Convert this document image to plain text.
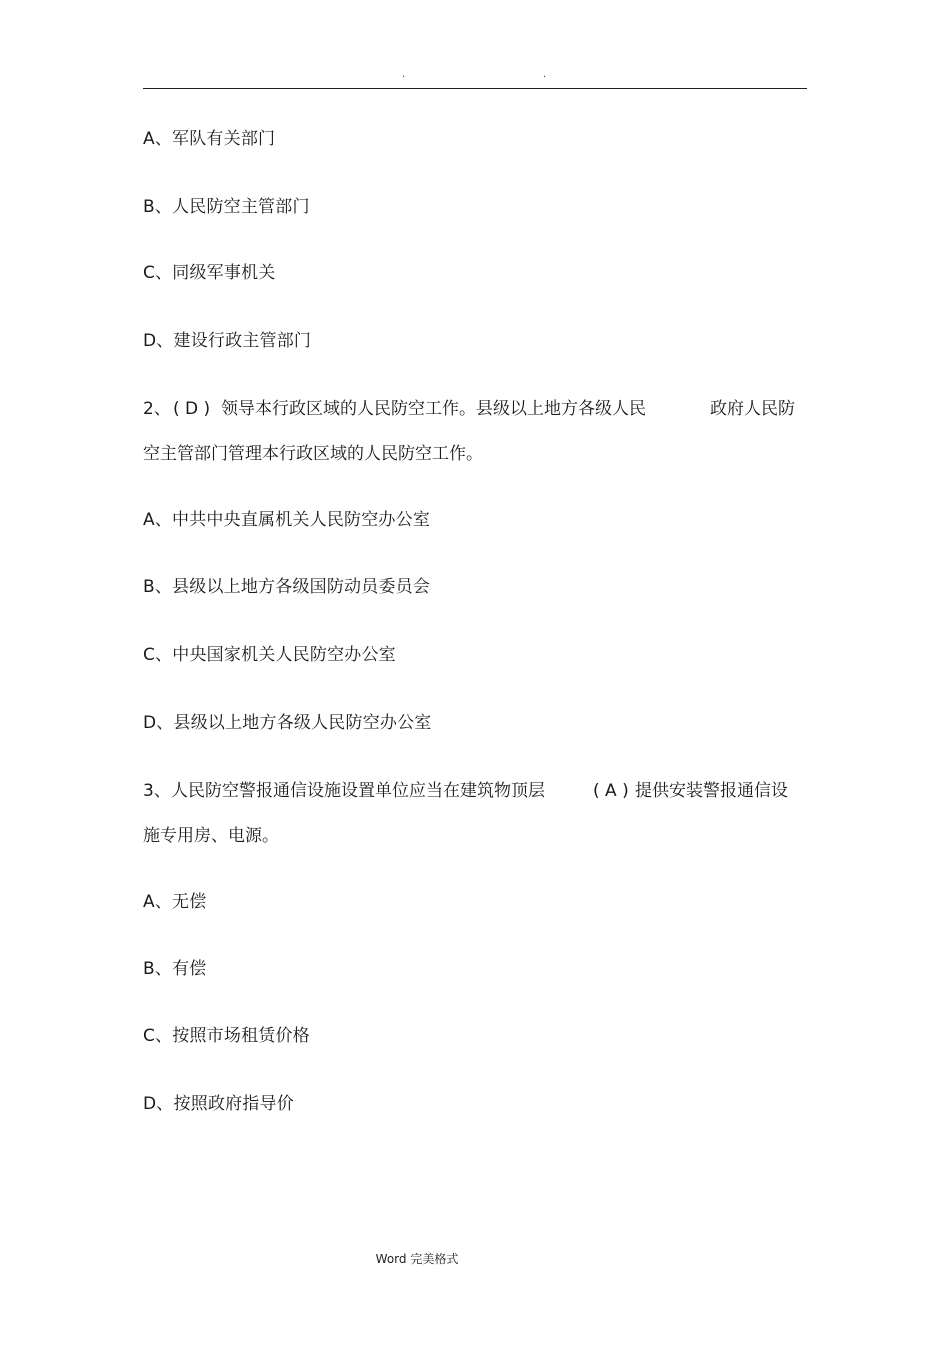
.	.
A、军队有关部门
B、人民防空主管部门
C、同级军事机关
D、建设行政主管部门
2、 ( D ) 领导本行政区域的人民防空工作。县级以上地方各级人民	政府人民防
空主管部门管理本行政区域的人民防空工作。
A、中共中央直属机关人民防空办公室
B、县级以上地方各级国防动员委员会
C、中央国家机关人民防空办公室
D、县级以上地方各级人民防空办公室
3、 人民防空警报通信设施设置单位应当在建筑物顶层	( A ) 提供安装警报通信设
施专用房、电源。
A、无偿
B、有偿
C、按照市场租赁价格
D、按照政府指导价
Word 完美格式
